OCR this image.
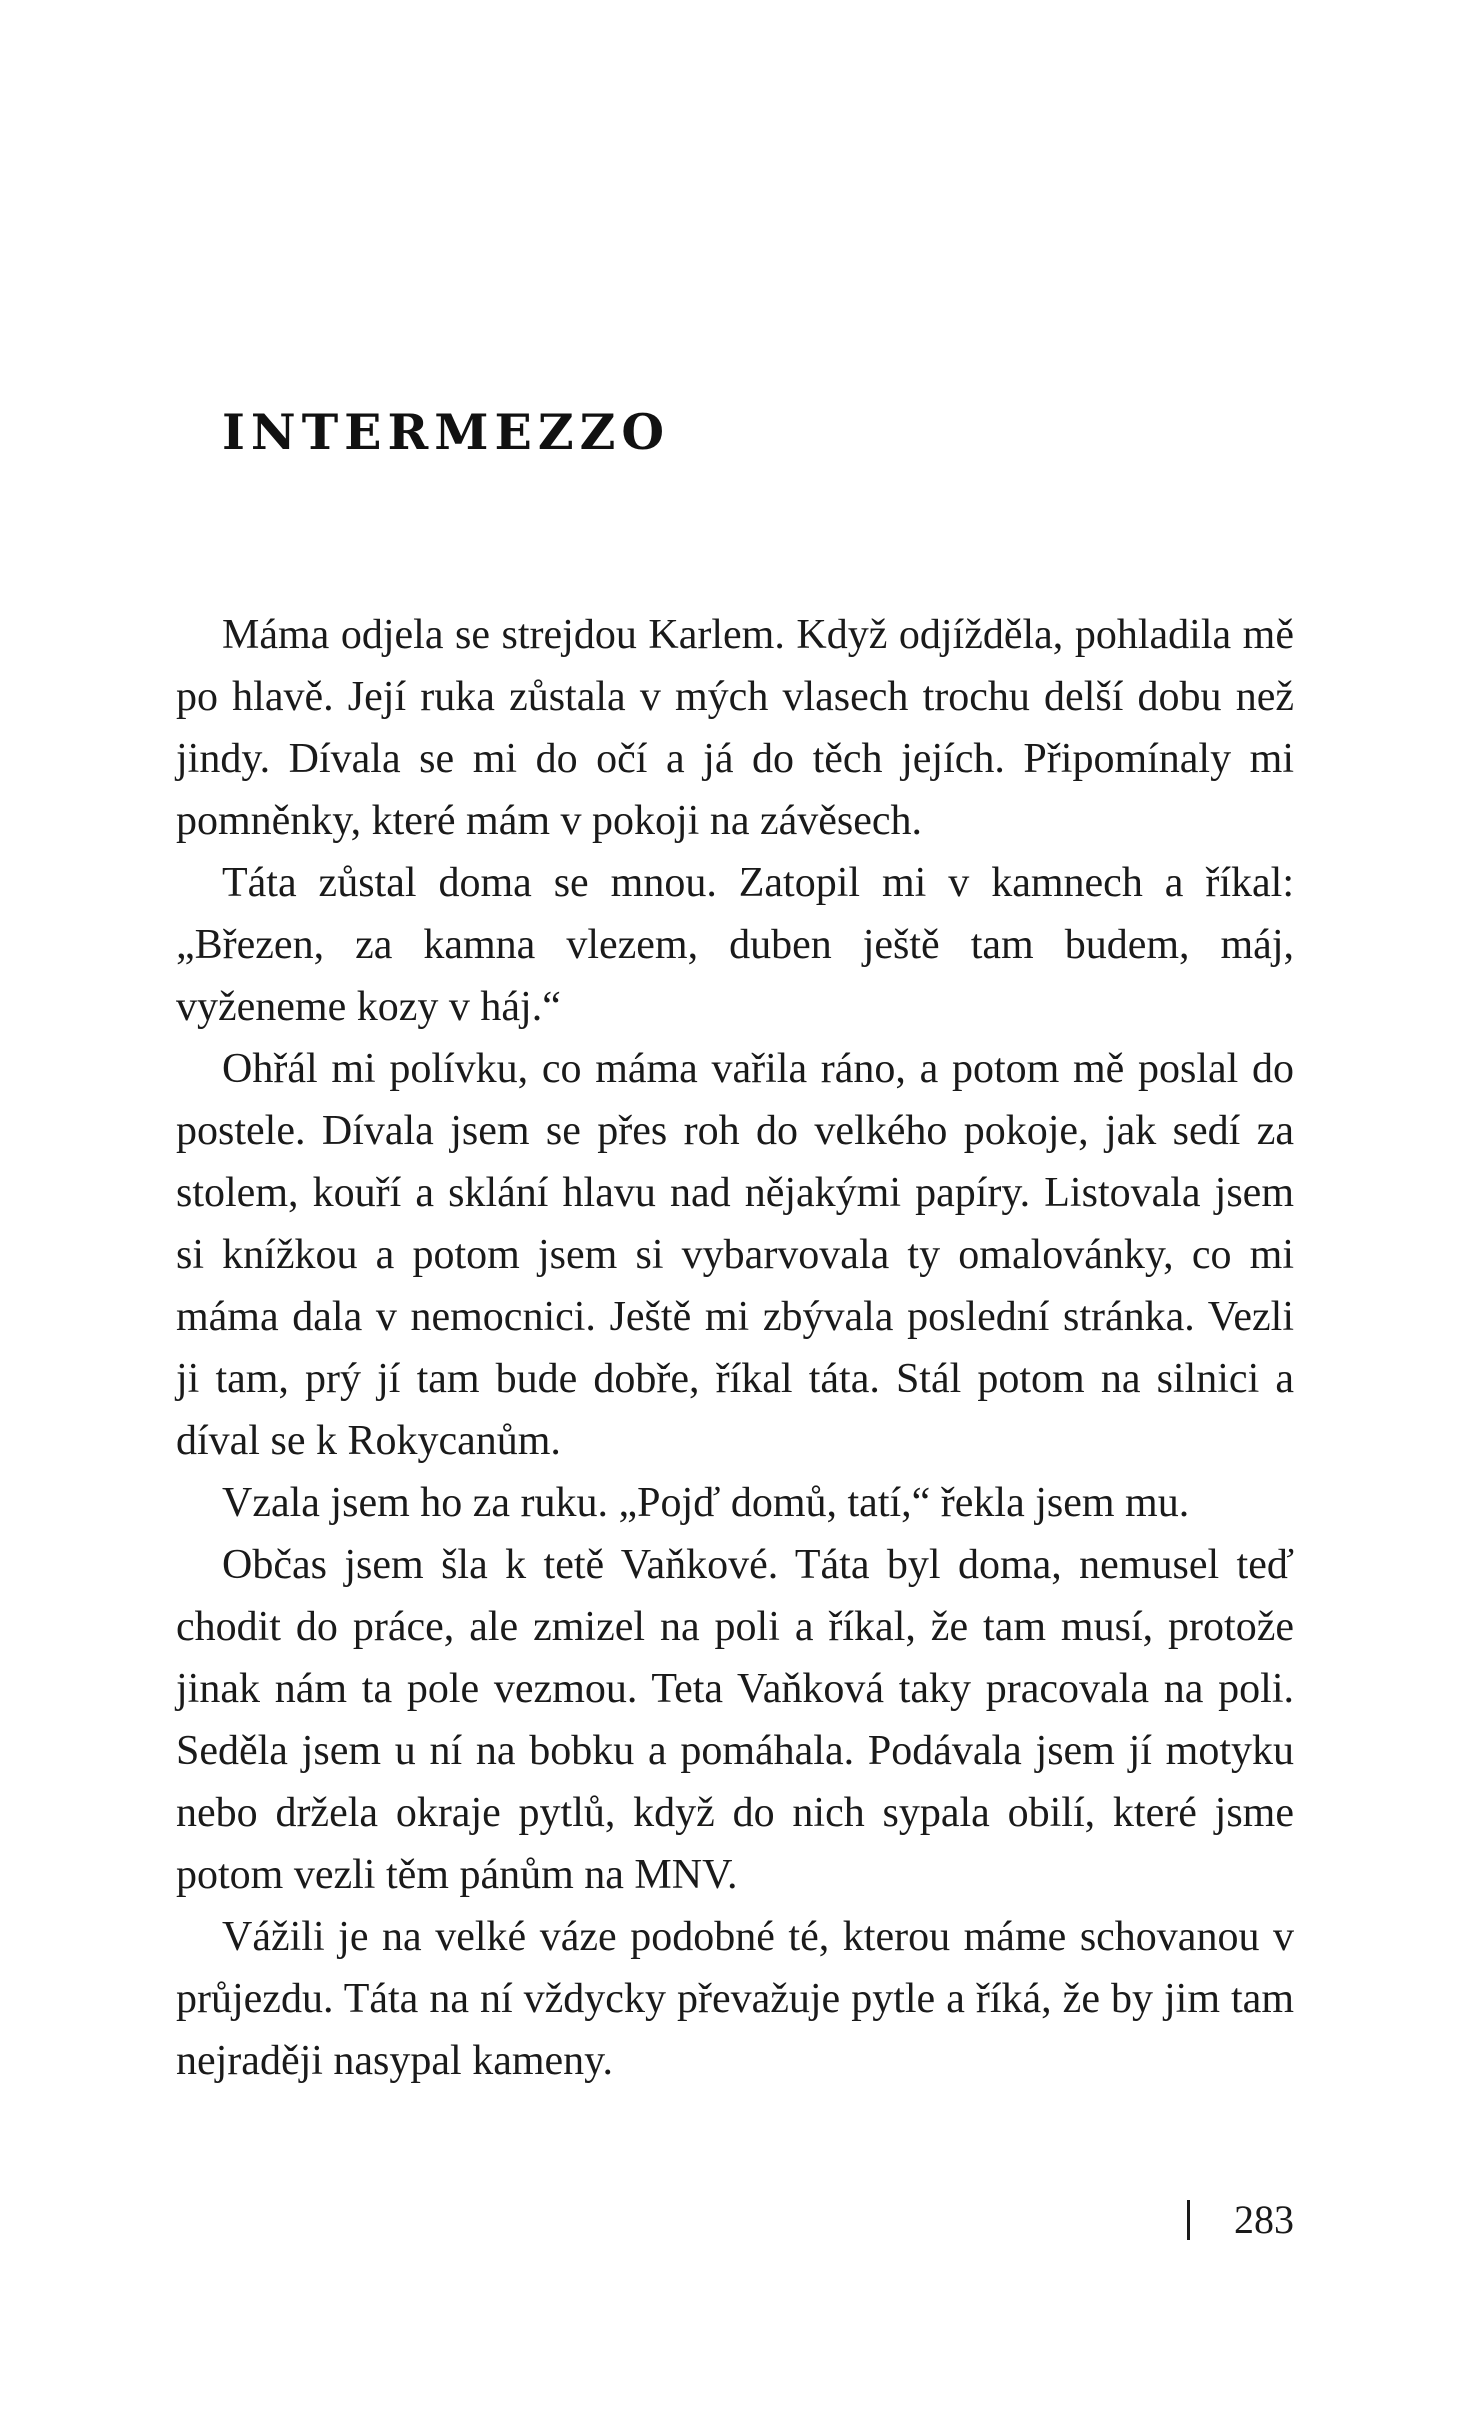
INTERMEZZO

Máma odjela se strejdou Karlem. Když odjížděla, pohladila mě po hlavě. Její ruka zůstala v mých vlasech trochu delší dobu než jindy. Dívala se mi do očí a já do těch jejích. Připomínaly mi pomněnky, které mám v pokoji na závěsech.

Táta zůstal doma se mnou. Zatopil mi v kamnech a říkal: „Březen, za kamna vlezem, duben ještě tam budem, máj, vyženeme kozy v háj.“

Ohřál mi polívku, co máma vařila ráno, a potom mě poslal do postele. Dívala jsem se přes roh do velkého pokoje, jak sedí za stolem, kouří a sklání hlavu nad nějakými papíry. Listovala jsem si knížkou a potom jsem si vybarvovala ty omalovánky, co mi máma dala v nemocnici. Ještě mi zbývala poslední stránka. Vezli ji tam, prý jí tam bude dobře, říkal táta. Stál potom na silnici a díval se k Rokycanům.

Vzala jsem ho za ruku. „Pojď domů, tatí,“ řekla jsem mu.

Občas jsem šla k tetě Vaňkové. Táta byl doma, nemusel teď chodit do práce, ale zmizel na poli a říkal, že tam musí, protože jinak nám ta pole vezmou. Teta Vaňková taky pracovala na poli. Seděla jsem u ní na bobku a pomáhala. Podávala jsem jí motyku nebo držela okraje pytlů, když do nich sypala obilí, které jsme potom vezli těm pánům na MNV.

Vážili je na velké váze podobné té, kterou máme schovanou v průjezdu. Táta na ní vždycky převažuje pytle a říká, že by jim tam nejraději nasypal kameny.

283
